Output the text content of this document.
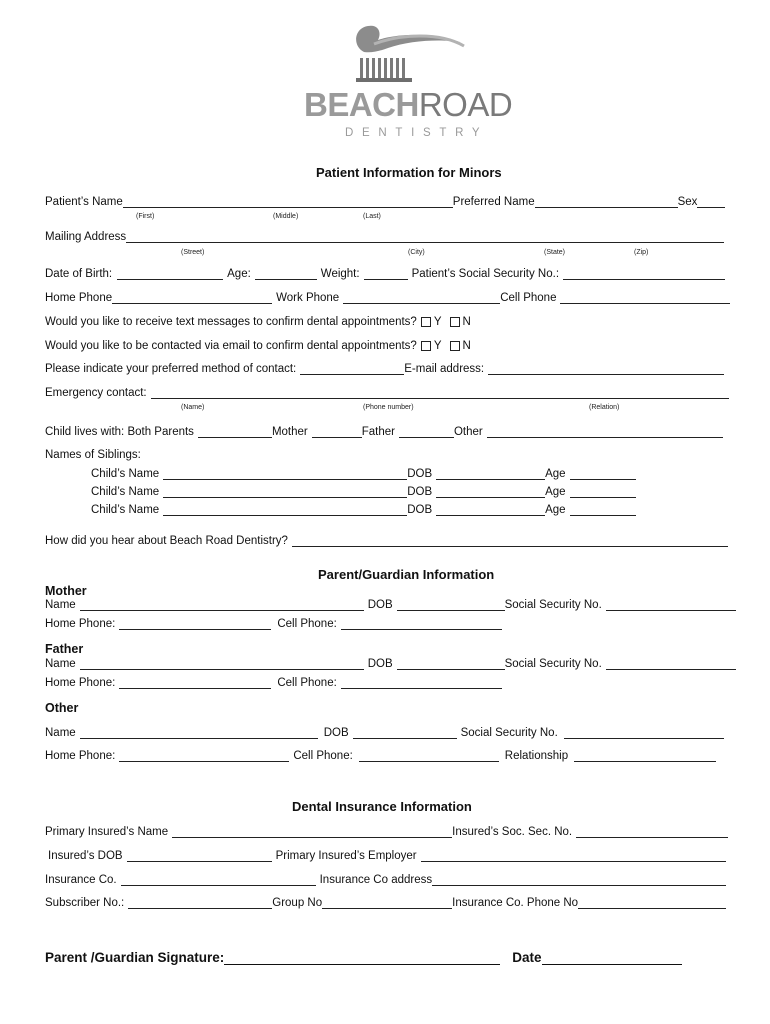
BEACHROAD
DENTISTRY
Patient Information for Minors
Patient’s Name	Preferred Name	Sex
(First)	(Middle)	(Last)
Mailing Address
(Street)	(City)	(State)	(Zip)
Date of Birth:	Age:	Weight:	Patient’s Social Security No.:
Home Phone	Work Phone	Cell Phone
Would you like to receive text messages to confirm dental appointments? Y N
Would you like to be contacted via email to confirm dental appointments? Y N
Please indicate your preferred method of contact:	E-mail address:
Emergency contact:
(Name)	(Phone number)	(Relation)
Child lives with: Both Parents	Mother	Father	Other
Names of Siblings:
Child’s Name	DOB	Age
Child’s Name	DOB	Age
Child’s Name	DOB	Age
How did you hear about Beach Road Dentistry?
Parent/Guardian Information
Mother
Name	DOB	Social Security No.
Home Phone:	Cell Phone:
Father
Name	DOB	Social Security No.
Home Phone:	Cell Phone:
Other
Name	DOB	Social Security No.
Home Phone:	Cell Phone:	Relationship
Dental Insurance Information
Primary Insured’s Name	Insured’s Soc. Sec. No.
Insured’s DOB	Primary Insured’s Employer
Insurance Co.	Insurance Co address
Subscriber No.:	Group No	Insurance Co. Phone No
Parent /Guardian Signature:	Date
